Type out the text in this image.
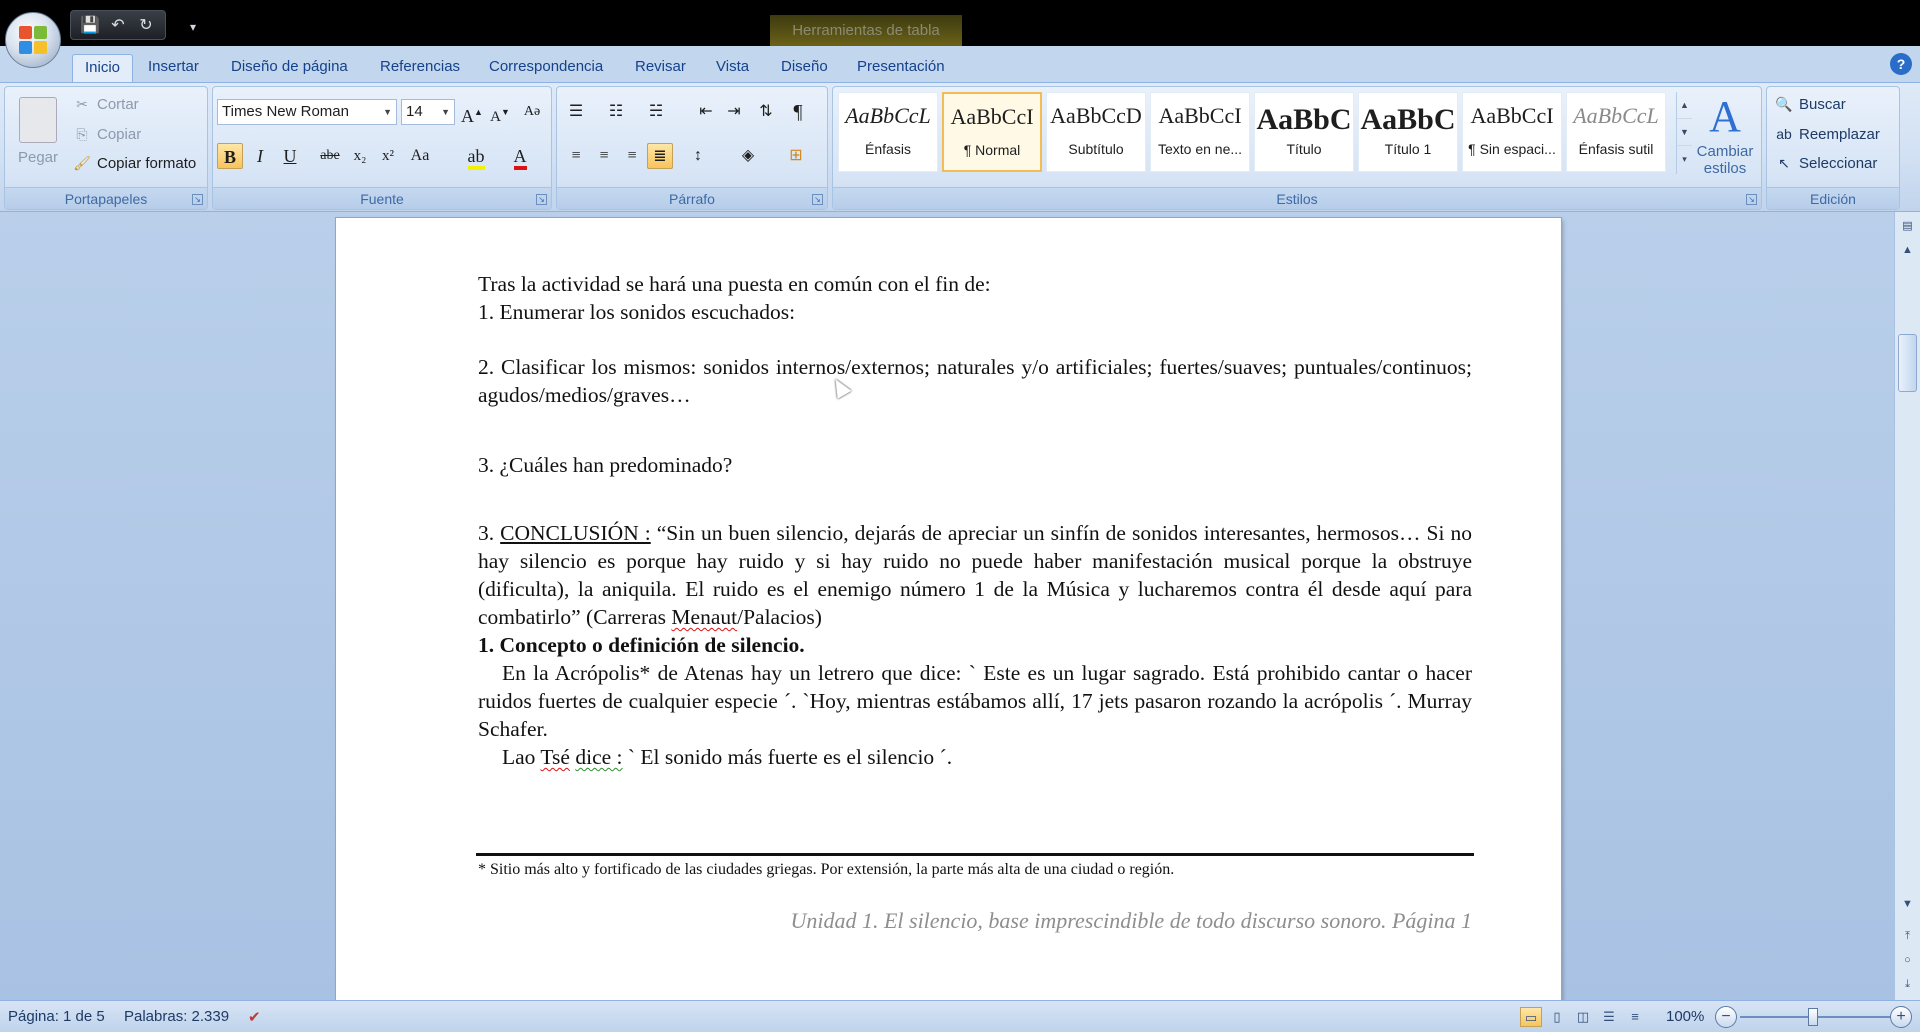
💾 ↶ ↻	▾	Herramientas de tabla
Inicio	Insertar	Diseño de página	Referencias	Correspondencia	Revisar	Vista	Diseño	Presentación	?
Pegar
✂ Cortar
⎘ Copiar
🖌 Copiar formato
Portapapeles	↘
Times New Roman	▼ 14 ▼ A▲ A▼ Aə
B	I	U	abe x₂	x²	Aa ab	A
Fuente	↘
☰	☷	☵	⇤ ⇥	⇅	¶
≡	≡	≡	≣	↕	◈	⊞
Párrafo	↘	Estilos	↘
A
Cambiar
estilos
🔍 Buscar
ab Reemplazar
↖ Seleccionar
Edición
AaBbCcL
Énfasis
AaBbCcI
¶ Normal
AaBbCcD
Subtítulo
AaBbCcI
Texto en ne...
AaBbC
Título
AaBbC
Título 1
AaBbCcI
¶ Sin espaci...
AaBbCcL
Énfasis sutil
▲
▼
▾
Tras la actividad se hará una puesta en común con el fin de:
1. Enumerar los sonidos escuchados:
2. Clasificar los mismos: sonidos internos/externos; naturales y/o artificiales; fuertes/suaves; puntuales/continuos; agudos/medios/graves…
3. ¿Cuáles han predominado?
3. CONCLUSIÓN : “Sin un buen silencio, dejarás de apreciar un sinfín de sonidos interesantes, hermosos… Si no hay silencio es porque hay ruido y si hay ruido no puede haber manifestación musical porque la obstruye (dificulta), la aniquila. El ruido es el enemigo número 1 de la Música y lucharemos contra él desde aquí para combatirlo” (Carreras Menaut/Palacios)
1. Concepto o definición de silencio.
En la Acrópolis* de Atenas hay un letrero que dice: ` Este es un lugar sagrado. Está prohibido cantar o hacer ruidos fuertes de cualquier especie ´. `Hoy, mientras estábamos allí, 17 jets pasaron rozando la acrópolis ´. Murray Schafer.
Lao Tsé dice : ` El sonido más fuerte es el silencio ´.
* Sitio más alto y fortificado de las ciudades griegas. Por extensión, la parte más alta de una ciudad o región.
Unidad 1. El silencio, base imprescindible de todo discurso sonoro. Página 1
▤
▲
▼
⤒
○
⤓
Página: 1 de 5 Palabras: 2.339 ✔	▭	▯	◫	☰	≡	100%	−	+
